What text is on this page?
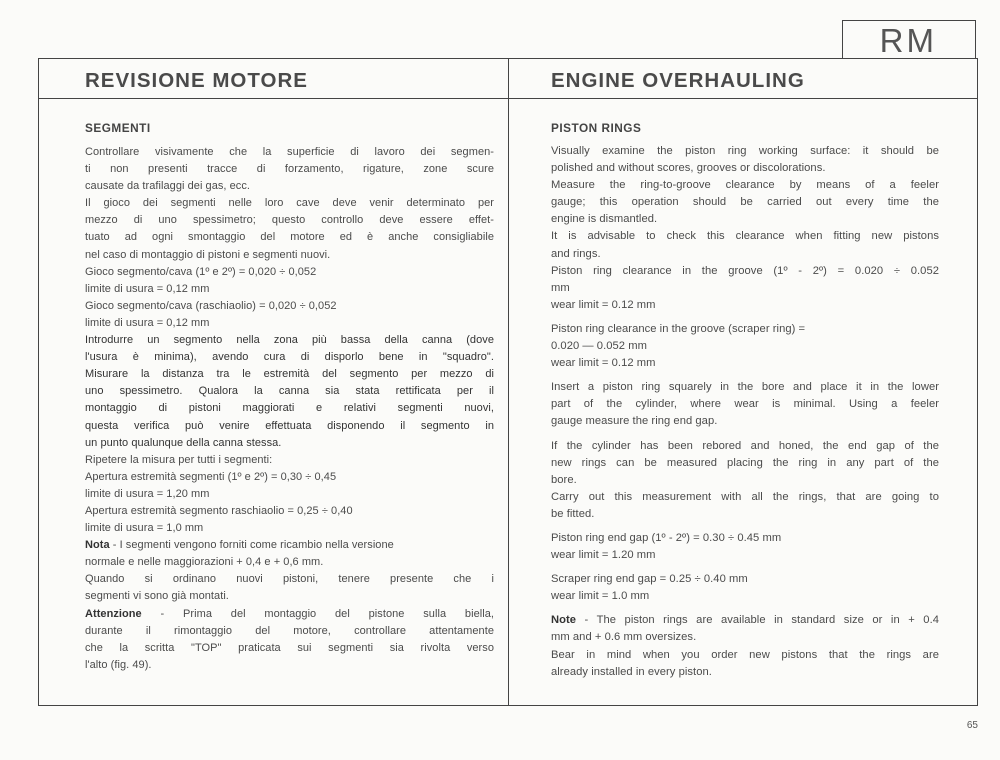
RM
REVISIONE MOTORE
SEGMENTI
Controllare visivamente che la superficie di lavoro dei segmen-
ti non presenti tracce di forzamento, rigature, zone scure
causate da trafilaggi dei gas, ecc.
Il gioco dei segmenti nelle loro cave deve venir determinato per
mezzo di uno spessimetro; questo controllo deve essere effet-
tuato ad ogni smontaggio del motore ed è anche consigliabile
nel caso di montaggio di pistoni e segmenti nuovi.
Gioco segmento/cava (1º e 2º) = 0,020 ÷ 0,052
limite di usura = 0,12 mm
Gioco segmento/cava (raschiaolio) = 0,020 ÷ 0,052
limite di usura = 0,12 mm
Introdurre un segmento nella zona più bassa della canna (dove
l'usura è minima), avendo cura di disporlo bene in "squadro".
Misurare la distanza tra le estremità del segmento per mezzo di
uno spessimetro. Qualora la canna sia stata rettificata per il
montaggio di pistoni maggiorati e relativi segmenti nuovi,
questa verifica può venire effettuata disponendo il segmento in
un punto qualunque della canna stessa.
Ripetere la misura per tutti i segmenti:
Apertura estremità segmenti (1º e 2º) = 0,30 ÷ 0,45
limite di usura = 1,20 mm
Apertura estremità segmento raschiaolio = 0,25 ÷ 0,40
limite di usura = 1,0 mm
Nota - I segmenti vengono forniti come ricambio nella versione
normale e nelle maggiorazioni + 0,4 e + 0,6 mm.
Quando si ordinano nuovi pistoni, tenere presente che i
segmenti vi sono già montati.
Attenzione - Prima del montaggio del pistone sulla biella,
durante il rimontaggio del motore, controllare attentamente
che la scritta "TOP" praticata sui segmenti sia rivolta verso
l'alto (fig. 49).
ENGINE OVERHAULING
PISTON RINGS
Visually examine the piston ring working surface: it should be
polished and without scores, grooves or discolorations.
Measure the ring-to-groove clearance by means of a feeler
gauge; this operation should be carried out every time the
engine is dismantled.
It is advisable to check this clearance when fitting new pistons
and rings.
Piston ring clearance in the groove (1º - 2º) = 0.020 ÷ 0.052
mm
wear limit = 0.12 mm
Piston ring clearance in the groove (scraper ring) =
0.020 — 0.052 mm
wear limit = 0.12 mm
Insert a piston ring squarely in the bore and place it in the lower
part of the cylinder, where wear is minimal. Using a feeler
gauge measure the ring end gap.
If the cylinder has been rebored and honed, the end gap of the
new rings can be measured placing the ring in any part of the
bore.
Carry out this measurement with all the rings, that are going to
be fitted.
Piston ring end gap (1º - 2º) = 0.30 ÷ 0.45 mm
wear limit = 1.20 mm
Scraper ring end gap = 0.25 ÷ 0.40 mm
wear limit = 1.0 mm
Note - The piston rings are available in standard size or in + 0.4
mm and + 0.6 mm oversizes.
Bear in mind when you order new pistons that the rings are
already installed in every piston.
65
